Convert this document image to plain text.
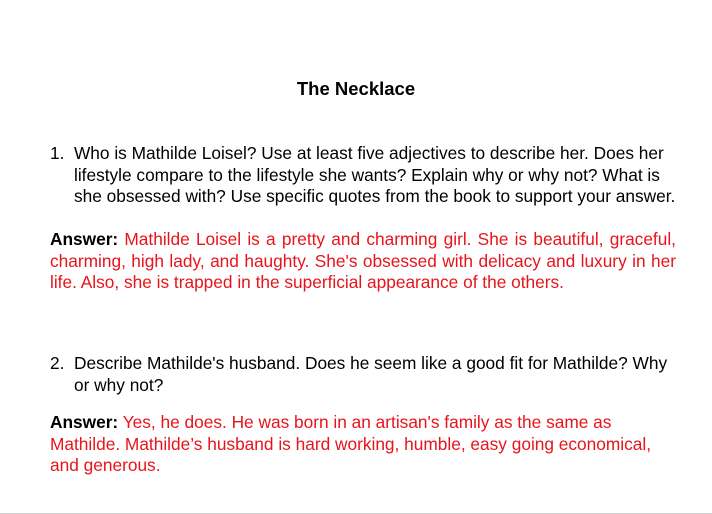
The Necklace
1. Who is Mathilde Loisel? Use at least five adjectives to describe her. Does her lifestyle compare to the lifestyle she wants? Explain why or why not? What is she obsessed with? Use specific quotes from the book to support your answer.
Answer: Mathilde Loisel is a pretty and charming girl. She is beautiful, graceful, charming, high lady, and haughty. She's obsessed with delicacy and luxury in her life. Also, she is trapped in the superficial appearance of the others.
2. Describe Mathilde's husband. Does he seem like a good fit for Mathilde? Why or why not?
Answer: Yes, he does. He was born in an artisan's family as the same as Mathilde. Mathilde’s husband is hard working, humble, easy going economical, and generous.
